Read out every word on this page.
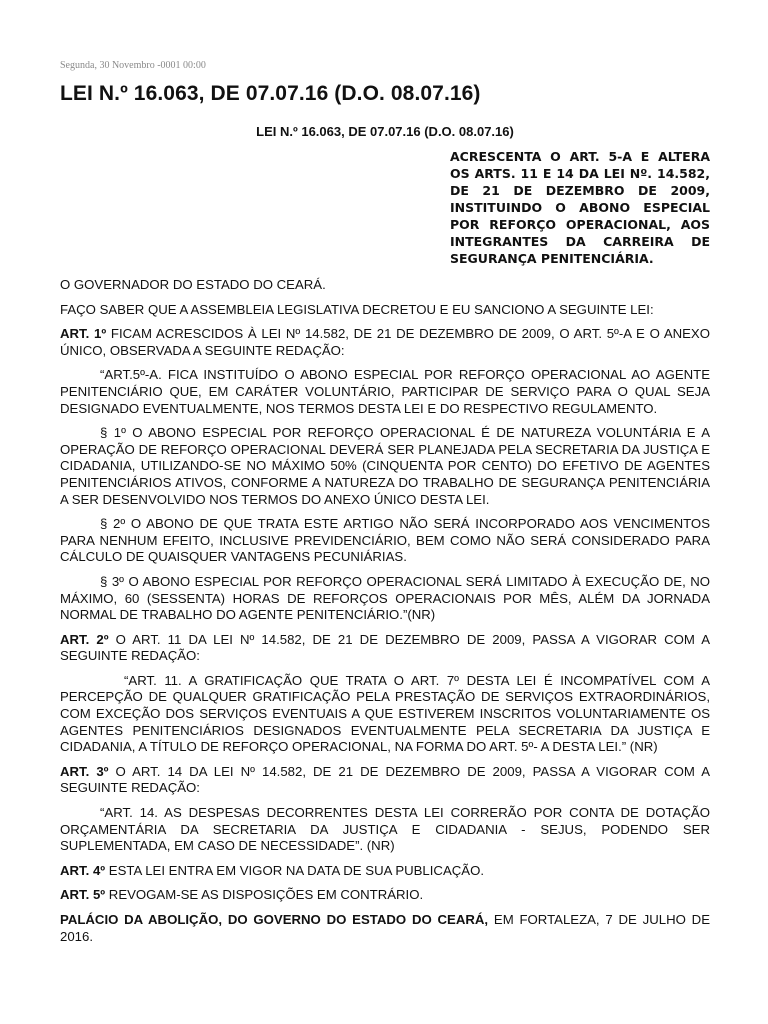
Segunda, 30 Novembro -0001 00:00
LEI N.º 16.063, DE 07.07.16 (D.O. 08.07.16)
LEI N.º 16.063, DE 07.07.16 (D.O. 08.07.16)
ACRESCENTA O ART. 5-A E ALTERA OS ARTS. 11 E 14 DA LEI Nº. 14.582, DE 21 DE DEZEMBRO DE 2009, INSTITUINDO O ABONO ESPECIAL POR REFORÇO OPERACIONAL, AOS INTEGRANTES DA CARREIRA DE SEGURANÇA PENITENCIÁRIA.

O GOVERNADOR DO ESTADO DO CEARÁ.

FAÇO SABER QUE A ASSEMBLEIA LEGISLATIVA DECRETOU E EU SANCIONO A SEGUINTE LEI:

ART. 1º FICAM ACRESCIDOS À LEI Nº 14.582, DE 21 DE DEZEMBRO DE 2009, O ART. 5º-A E O ANEXO ÚNICO, OBSERVADA A SEGUINTE REDAÇÃO:

“ART.5º-A. FICA INSTITUÍDO O ABONO ESPECIAL POR REFORÇO OPERACIONAL AO AGENTE PENITENCIÁRIO QUE, EM CARÁTER VOLUNTÁRIO, PARTICIPAR DE SERVIÇO PARA O QUAL SEJA DESIGNADO EVENTUALMENTE, NOS TERMOS DESTA LEI E DO RESPECTIVO REGULAMENTO.

§ 1º O ABONO ESPECIAL POR REFORÇO OPERACIONAL É DE NATUREZA VOLUNTÁRIA E A OPERAÇÃO DE REFORÇO OPERACIONAL DEVERÁ SER PLANEJADA PELA SECRETARIA DA JUSTIÇA E CIDADANIA, UTILIZANDO-SE NO MÁXIMO 50% (CINQUENTA POR CENTO) DO EFETIVO DE AGENTES PENITENCIÁRIOS ATIVOS, CONFORME A NATUREZA DO TRABALHO DE SEGURANÇA PENITENCIÁRIA A SER DESENVOLVIDO NOS TERMOS DO ANEXO ÚNICO DESTA LEI.

§ 2º O ABONO DE QUE TRATA ESTE ARTIGO NÃO SERÁ INCORPORADO AOS VENCIMENTOS PARA NENHUM EFEITO, INCLUSIVE PREVIDENCIÁRIO, BEM COMO NÃO SERÁ CONSIDERADO PARA CÁLCULO DE QUAISQUER VANTAGENS PECUNIÁRIAS.

§ 3º O ABONO ESPECIAL POR REFORÇO OPERACIONAL SERÁ LIMITADO À EXECUÇÃO DE, NO MÁXIMO, 60 (SESSENTA) HORAS DE REFORÇOS OPERACIONAIS POR MÊS, ALÉM DA JORNADA NORMAL DE TRABALHO DO AGENTE PENITENCIÁRIO.”(NR)

ART. 2º O ART. 11 DA LEI Nº 14.582, DE 21 DE DEZEMBRO DE 2009, PASSA A VIGORAR COM A SEGUINTE REDAÇÃO:

“ART. 11. A GRATIFICAÇÃO QUE TRATA O ART. 7º DESTA LEI É INCOMPATÍVEL COM A PERCEPÇÃO DE QUALQUER GRATIFICAÇÃO PELA PRESTAÇÃO DE SERVIÇOS EXTRAORDINÁRIOS, COM EXCEÇÃO DOS SERVIÇOS EVENTUAIS A QUE ESTIVEREM INSCRITOS VOLUNTARIAMENTE OS AGENTES PENITENCIÁRIOS DESIGNADOS EVENTUALMENTE PELA SECRETARIA DA JUSTIÇA E CIDADANIA, A TÍTULO DE REFORÇO OPERACIONAL, NA FORMA DO ART. 5º- A DESTA LEI.” (NR)

ART. 3º O ART. 14 DA LEI Nº 14.582, DE 21 DE DEZEMBRO DE 2009, PASSA A VIGORAR COM A SEGUINTE REDAÇÃO:

“ART. 14. AS DESPESAS DECORRENTES DESTA LEI CORRERÃO POR CONTA DE DOTAÇÃO ORÇAMENTÁRIA DA SECRETARIA DA JUSTIÇA E CIDADANIA - SEJUS, PODENDO SER SUPLEMENTADA, EM CASO DE NECESSIDADE”. (NR)

ART. 4º ESTA LEI ENTRA EM VIGOR NA DATA DE SUA PUBLICAÇÃO.

ART. 5º REVOGAM-SE AS DISPOSIÇÕES EM CONTRÁRIO.

PALÁCIO DA ABOLIÇÃO, DO GOVERNO DO ESTADO DO CEARÁ, EM FORTALEZA, 7 DE JULHO DE 2016.
